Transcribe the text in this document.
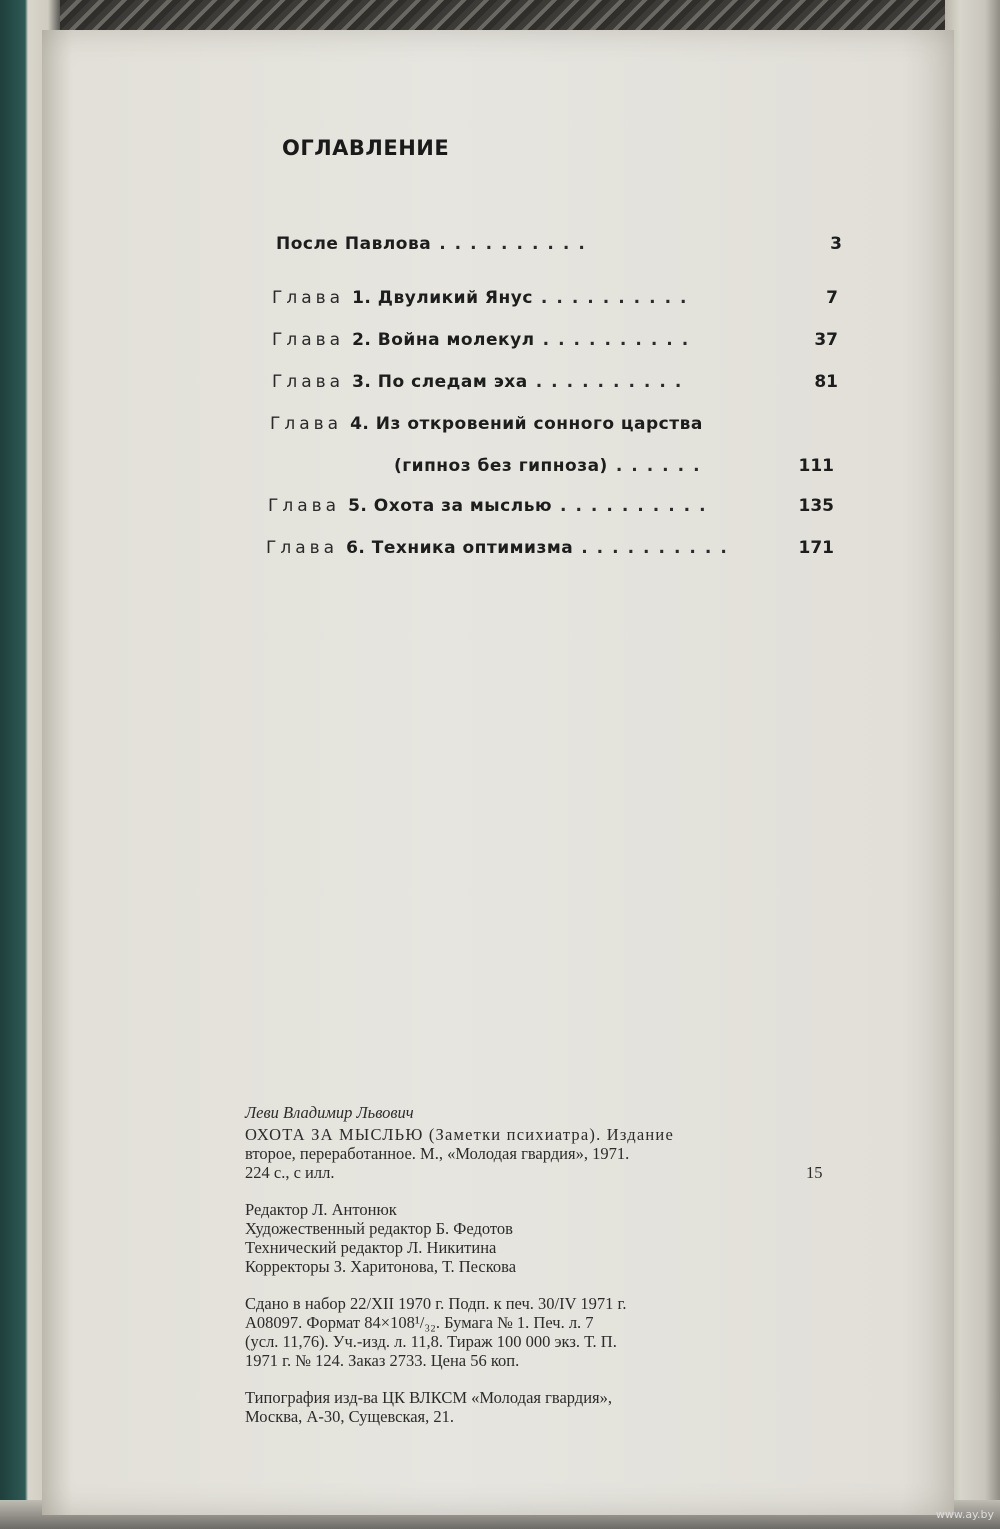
ОГЛАВЛЕНИЕ
После Павлова ..........	3
Глава 1. Двуликий Янус ..........	7
Глава 2. Война молекул ..........	37
Глава 3. По следам эха ..........	81
Глава 4. Из откровений сонного царства
(гипноз без гипноза) ......	111
Глава 5. Охота за мыслью ..........	135
Глава 6. Техника оптимизма ..........	171
Леви Владимир Львович
ОХОТА ЗА МЫСЛЬЮ (Заметки психиатра). Издание
второе, переработанное. М., «Молодая гвардия», 1971.
224 с., с илл.	15
Редактор Л. Антонюк
Художественный редактор Б. Федотов
Технический редактор Л. Никитина
Корректоры З. Харитонова, Т. Пескова
Сдано в набор 22/XII 1970 г. Подп. к печ. 30/IV 1971 г.
А08097. Формат 84×108¹/₃₂. Бумага № 1. Печ. л. 7
(усл. 11,76). Уч.-изд. л. 11,8. Тираж 100 000 экз. Т. П.
1971 г. № 124. Заказ 2733. Цена 56 коп.
Типография изд-ва ЦК ВЛКСМ «Молодая гвардия»,
Москва, А-30, Сущевская, 21.
www.ay.by
